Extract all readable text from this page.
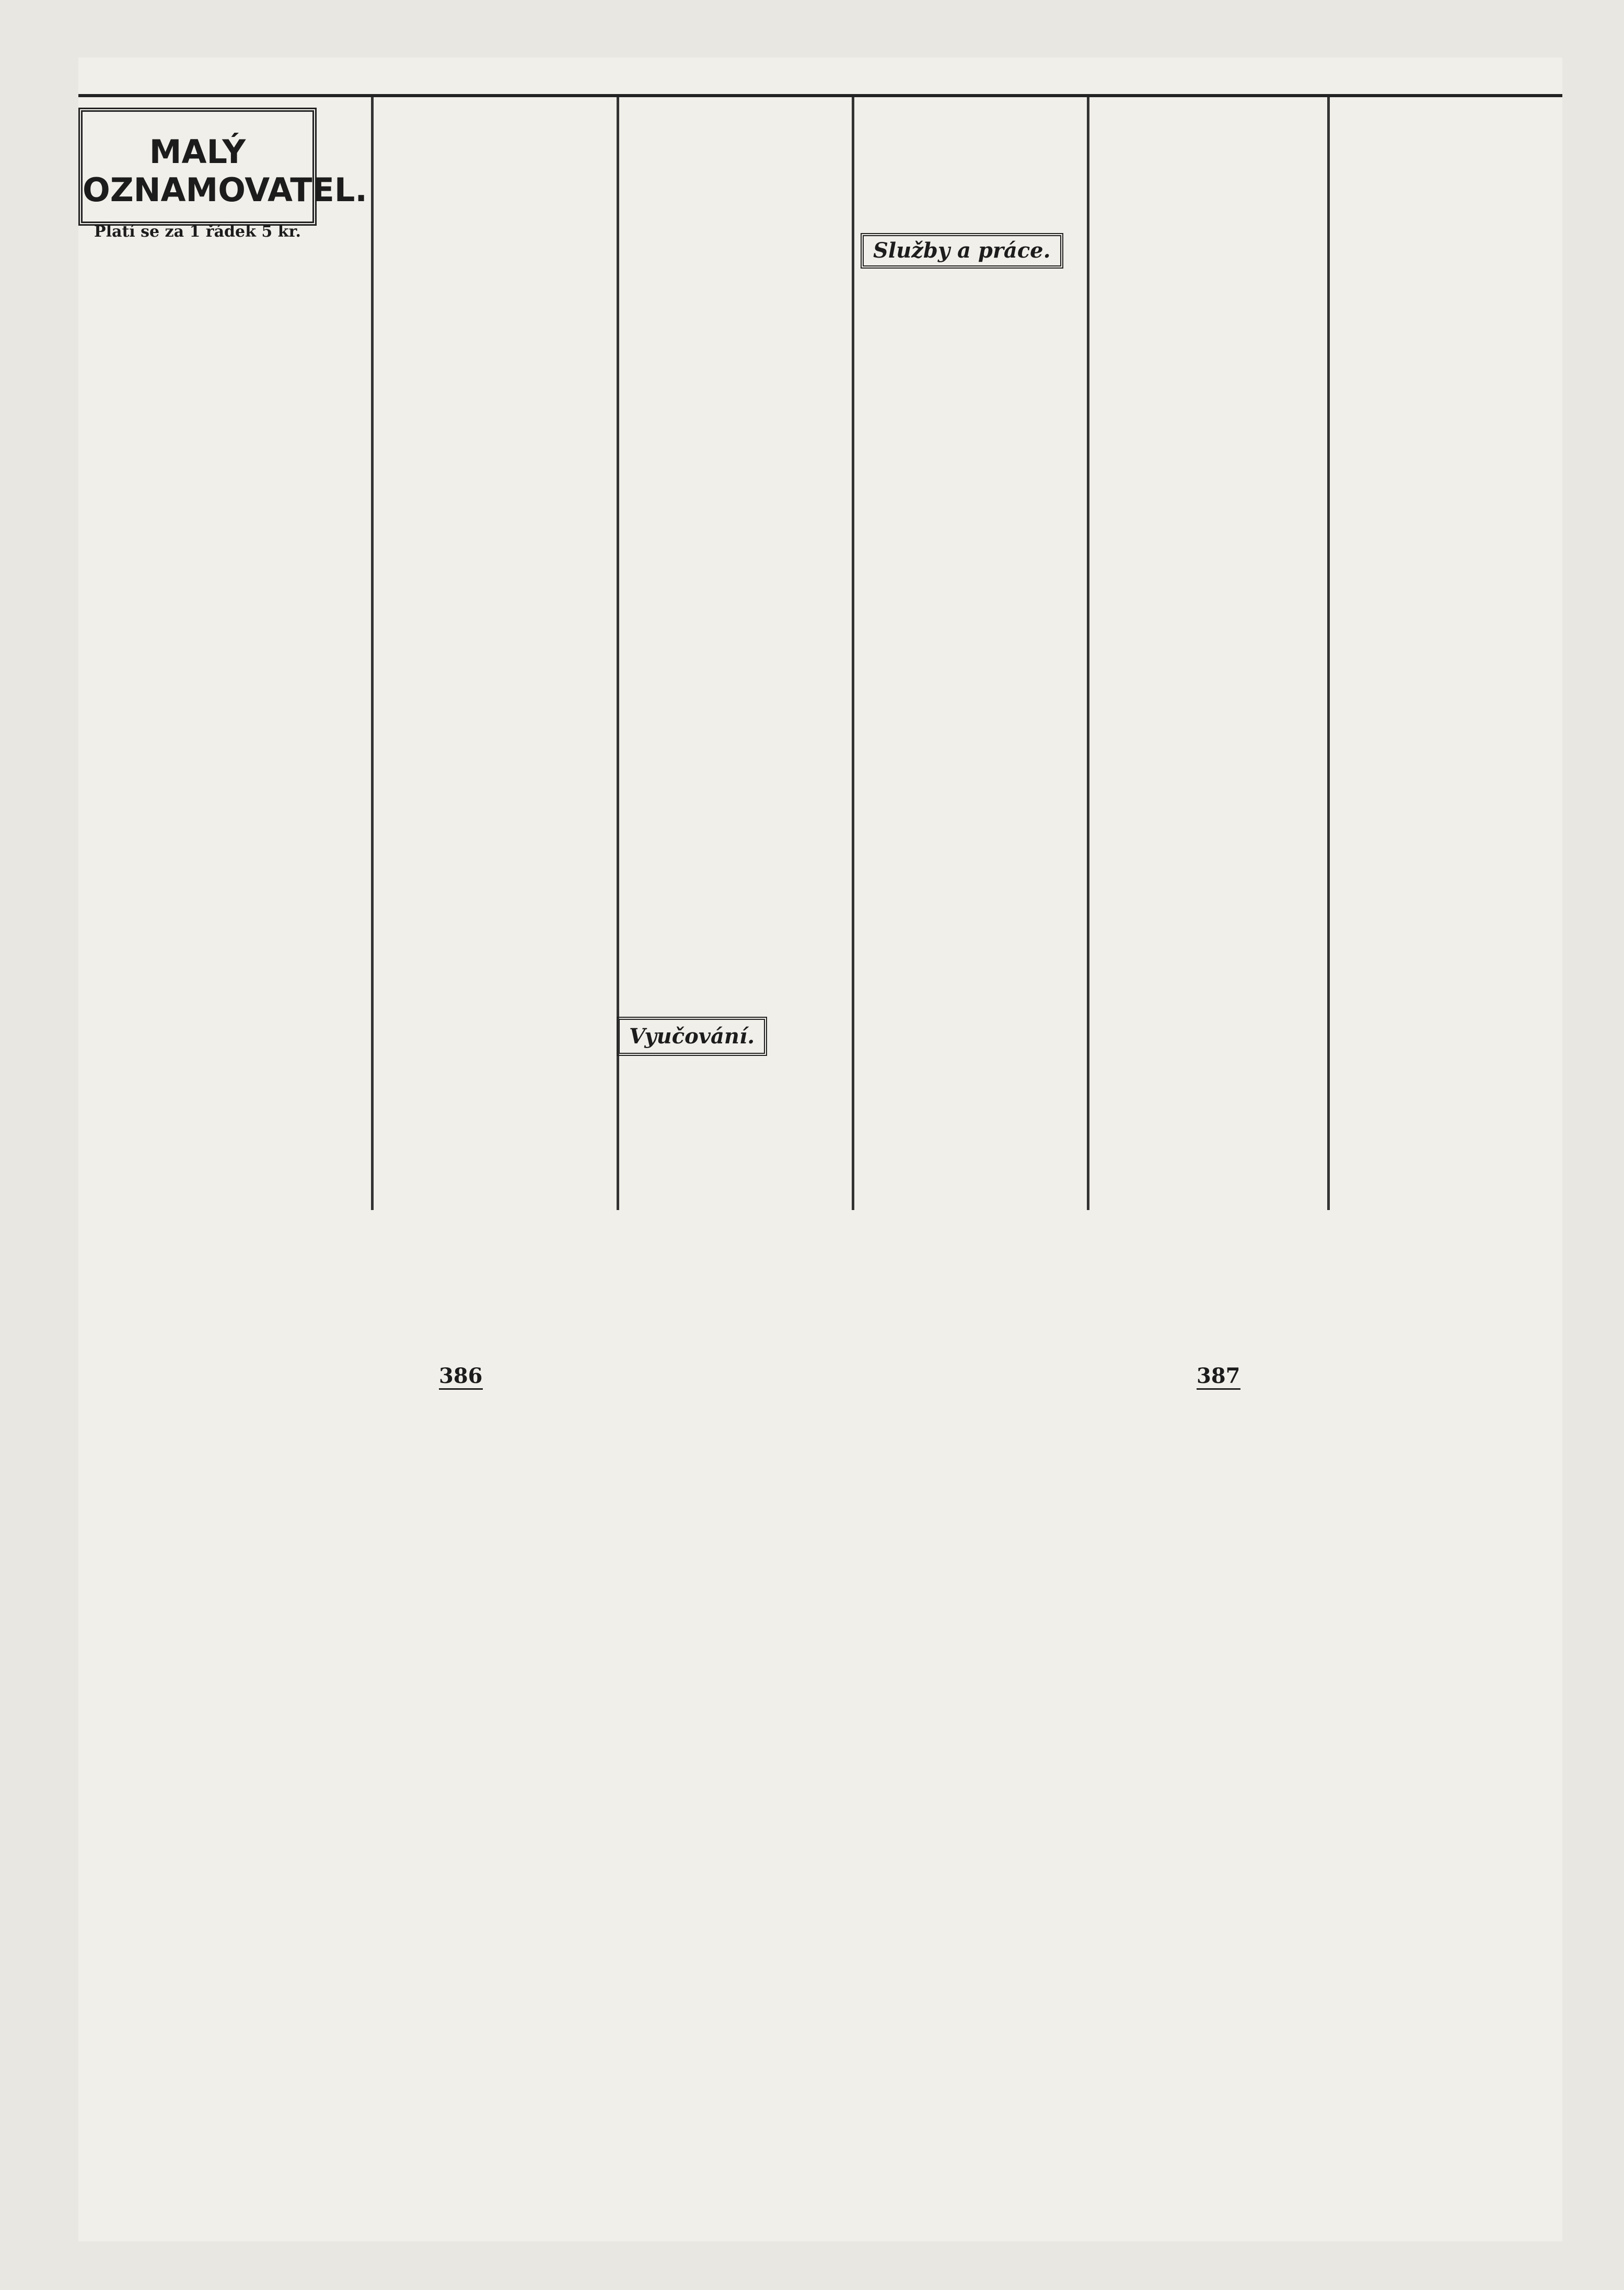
MALÝ OZNAMOVATEL.
Platí se za 1 řádek 5 kr.
Služby a práce.
Vyučování.
386	387
